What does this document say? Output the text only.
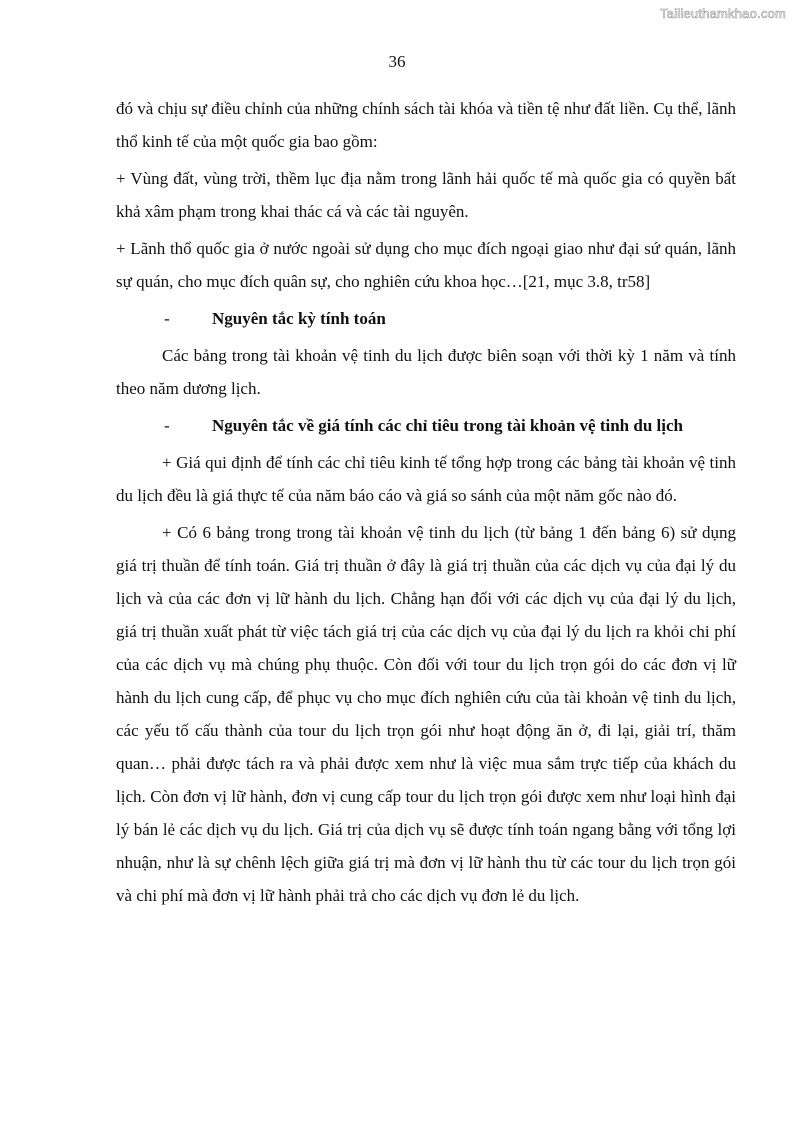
Tailieuthamkhao.com
36

đó và chịu sự điều chỉnh của những chính sách tài khóa và tiền tệ như đất liền. Cụ thể, lãnh thổ kinh tế của một quốc gia bao gồm:

+ Vùng đất, vùng trời, thềm lục địa nằm trong lãnh hải quốc tế mà quốc gia có quyền bất khả xâm phạm trong khai thác cá và các tài nguyên.

+ Lãnh thổ quốc gia ở nước ngoài sử dụng cho mục đích ngoại giao như đại sứ quán, lãnh sự quán, cho mục đích quân sự, cho nghiên cứu khoa học…[21, mục 3.8, tr58]

- Nguyên tắc kỳ tính toán

Các bảng trong tài khoản vệ tinh du lịch được biên soạn với thời kỳ 1 năm và tính theo năm dương lịch.

- Nguyên tắc về giá tính các chỉ tiêu trong tài khoản vệ tinh du lịch

+ Giá qui định để tính các chỉ tiêu kinh tế tổng hợp trong các bảng tài khoản vệ tinh du lịch đều là giá thực tế của năm báo cáo và giá so sánh của một năm gốc nào đó.

+ Có 6 bảng trong trong tài khoản vệ tinh du lịch (từ bảng 1 đến bảng 6) sử dụng giá trị thuần để tính toán. Giá trị thuần ở đây là giá trị thuần của các dịch vụ của đại lý du lịch và của các đơn vị lữ hành du lịch. Chẳng hạn đối với các dịch vụ của đại lý du lịch, giá trị thuần xuất phát từ việc tách giá trị của các dịch vụ của đại lý du lịch ra khỏi chi phí của các dịch vụ mà chúng phụ thuộc. Còn đối với tour du lịch trọn gói do các đơn vị lữ hành du lịch cung cấp, để phục vụ cho mục đích nghiên cứu của tài khoản vệ tinh du lịch, các yếu tố cấu thành của tour du lịch trọn gói như hoạt động ăn ở, đi lại, giải trí, thăm quan… phải được tách ra và phải được xem như là việc mua sắm trực tiếp của khách du lịch. Còn đơn vị lữ hành, đơn vị cung cấp tour du lịch trọn gói được xem như loại hình đại lý bán lẻ các dịch vụ du lịch. Giá trị của dịch vụ sẽ được tính toán ngang bằng với tổng lợi nhuận, như là sự chênh lệch giữa giá trị mà đơn vị lữ hành thu từ các tour du lịch trọn gói và chi phí mà đơn vị lữ hành phải trả cho các dịch vụ đơn lẻ du lịch.
